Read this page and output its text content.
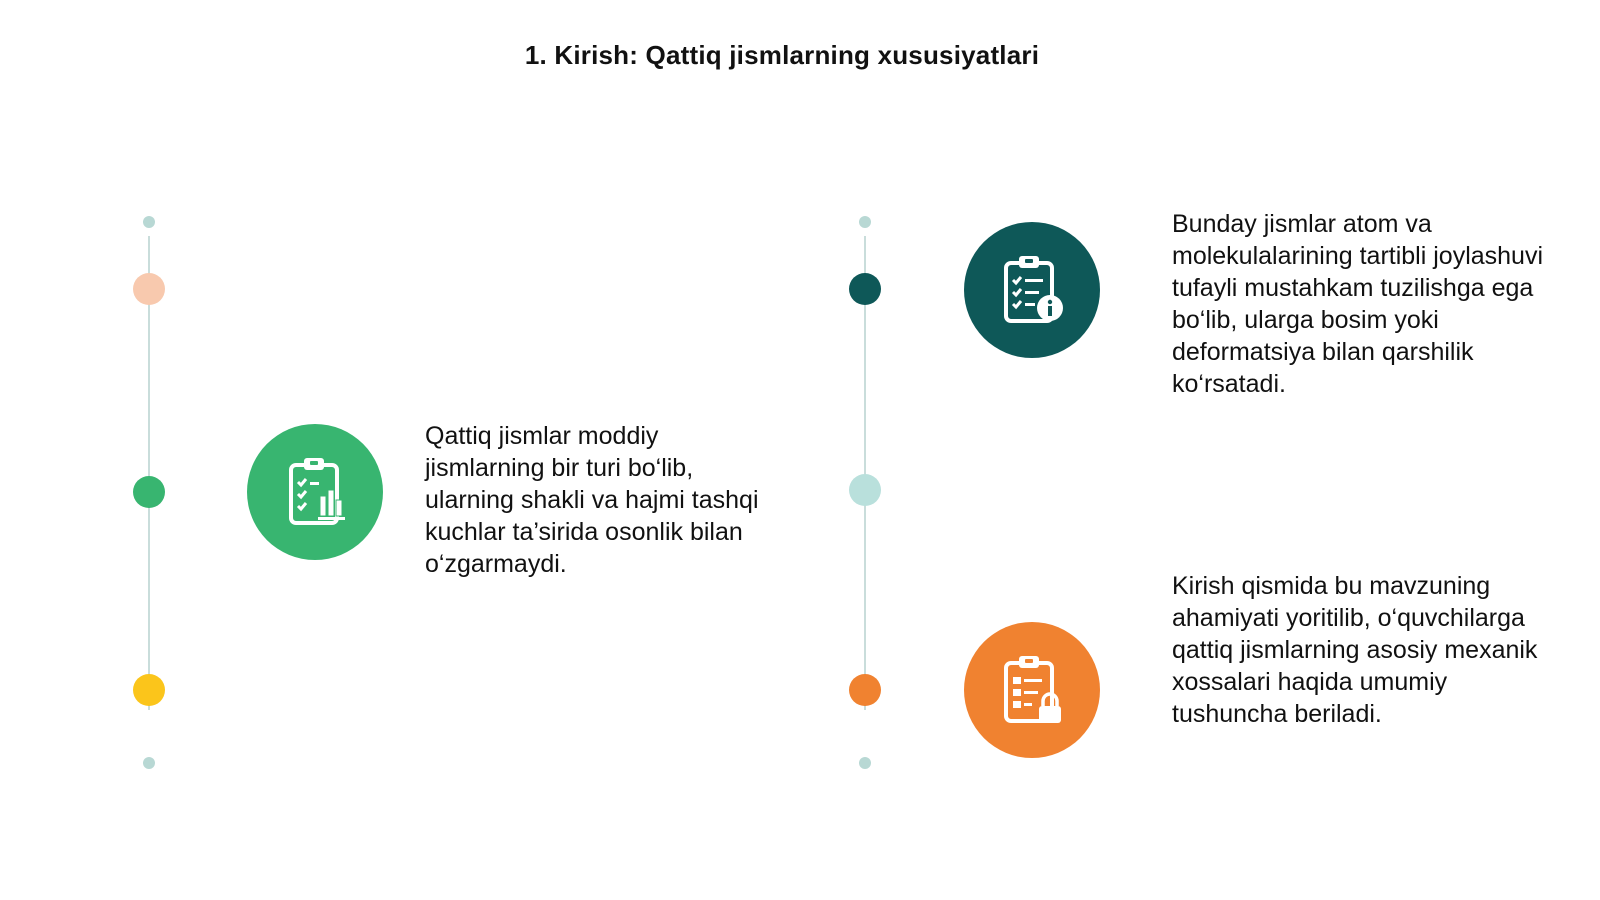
1. Kirish: Qattiq jismlarning xususiyatlari
Qattiq jismlar moddiy jismlarning bir turi bo‘lib, ularning shakli va hajmi tashqi kuchlar ta’sirida osonlik bilan o‘zgarmaydi.
Bunday jismlar atom va molekulalarining tartibli joylashuvi tufayli mustahkam tuzilishga ega bo‘lib, ularga bosim yoki deformatsiya bilan qarshilik ko‘rsatadi.
Kirish qismida bu mavzuning ahamiyati yoritilib, o‘quvchilarga qattiq jismlarning asosiy mexanik xossalari haqida umumiy tushuncha beriladi.
